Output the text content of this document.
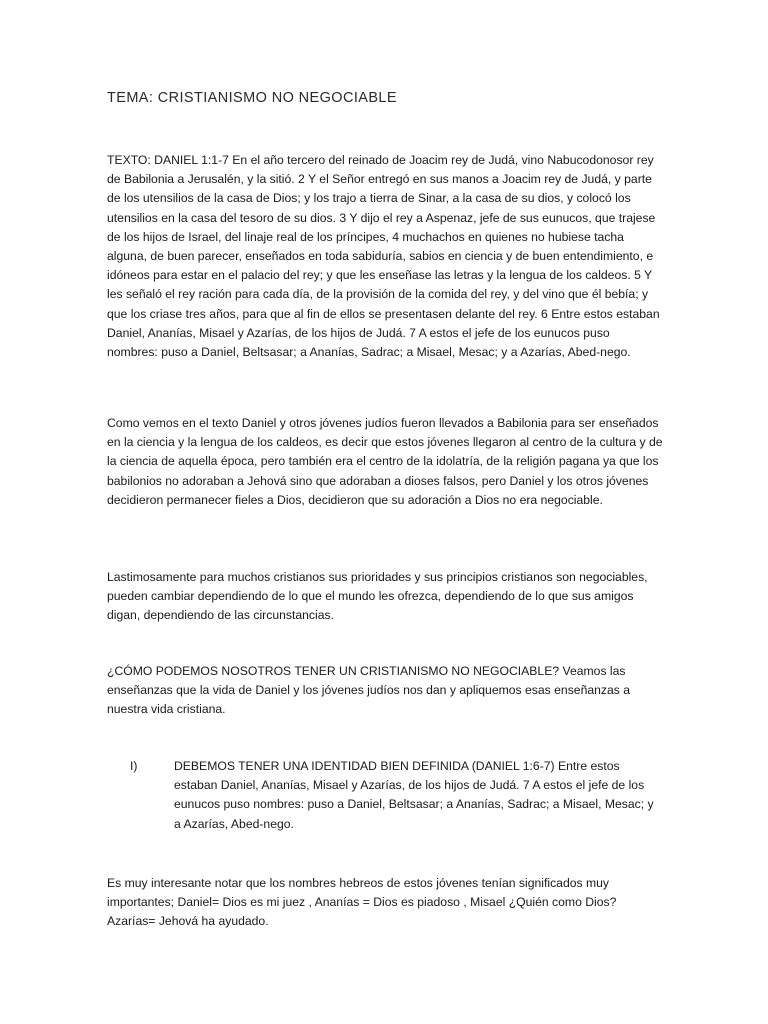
TEMA: CRISTIANISMO NO NEGOCIABLE

TEXTO: DANIEL 1:1-7 En el año tercero del reinado de Joacim rey de Judá, vino Nabucodonosor rey de Babilonia a Jerusalén, y la sitió. 2 Y el Señor entregó en sus manos a Joacim rey de Judá, y parte de los utensilios de la casa de Dios; y los trajo a tierra de Sinar, a la casa de su dios, y colocó los utensilios en la casa del tesoro de su dios. 3 Y dijo el rey a Aspenaz, jefe de sus eunucos, que trajese de los hijos de Israel, del linaje real de los príncipes, 4 muchachos en quienes no hubiese tacha alguna, de buen parecer, enseñados en toda sabiduría, sabios en ciencia y de buen entendimiento, e idóneos para estar en el palacio del rey; y que les enseñase las letras y la lengua de los caldeos. 5 Y les señaló el rey ración para cada día, de la provisión de la comida del rey, y del vino que él bebía; y que los criase tres años, para que al fin de ellos se presentasen delante del rey. 6 Entre estos estaban Daniel, Ananías, Misael y Azarías, de los hijos de Judá. 7 A estos el jefe de los eunucos puso nombres: puso a Daniel, Beltsasar; a Ananías, Sadrac; a Misael, Mesac; y a Azarías, Abed-nego.

Como vemos en el texto Daniel y otros jóvenes judíos fueron llevados a Babilonia para ser enseñados en la ciencia y la lengua de los caldeos, es decir que estos jóvenes llegaron al centro de la cultura y de la ciencia de aquella época, pero también era el centro de la idolatría, de la religión pagana ya que los babilonios no adoraban a Jehová sino que adoraban a dioses falsos, pero Daniel y los otros jóvenes decidieron permanecer fieles a Dios, decidieron que su adoración a Dios no era negociable.

Lastimosamente para muchos cristianos sus prioridades y sus principios cristianos son negociables, pueden cambiar dependiendo de lo que el mundo les ofrezca, dependiendo de lo que sus amigos digan, dependiendo de las circunstancias.

¿CÓMO PODEMOS NOSOTROS TENER UN CRISTIANISMO NO NEGOCIABLE? Veamos las enseñanzas que la vida de Daniel y los jóvenes judíos nos dan y apliquemos esas enseñanzas a nuestra vida cristiana.

I)	DEBEMOS TENER UNA IDENTIDAD BIEN DEFINIDA (DANIEL 1:6-7) Entre estos estaban Daniel, Ananías, Misael y Azarías, de los hijos de Judá. 7 A estos el jefe de los eunucos puso nombres: puso a Daniel, Beltsasar; a Ananías, Sadrac; a Misael, Mesac; y a Azarías, Abed-nego.

Es muy interesante notar que los nombres hebreos de estos jóvenes tenían significados muy importantes; Daniel= Dios es mi juez , Ananías = Dios es piadoso , Misael ¿Quién como Dios? Azarías= Jehová ha ayudado.
